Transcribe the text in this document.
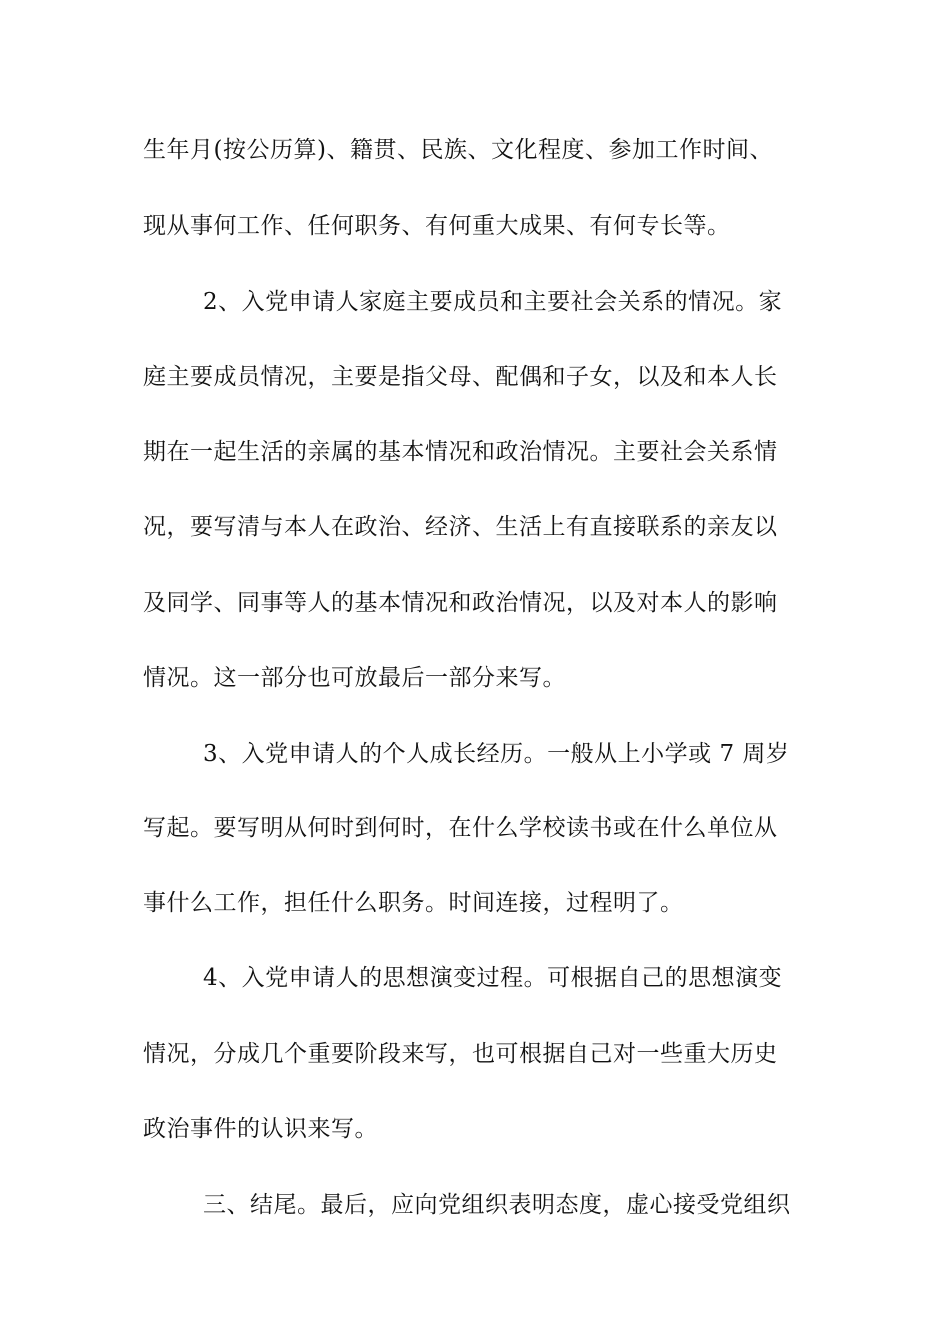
生年月(按公历算)、籍贯、民族、文化程度、参加工作时间、
现从事何工作、任何职务、有何重大成果、有何专长等。
2、入党申请人家庭主要成员和主要社会关系的情况。家
庭主要成员情况，主要是指父母、配偶和子女，以及和本人长
期在一起生活的亲属的基本情况和政治情况。主要社会关系情
况，要写清与本人在政治、经济、生活上有直接联系的亲友以
及同学、同事等人的基本情况和政治情况，以及对本人的影响
情况。这一部分也可放最后一部分来写。
3、入党申请人的个人成长经历。一般从上小学或 7 周岁
写起。要写明从何时到何时，在什么学校读书或在什么单位从
事什么工作，担任什么职务。时间连接，过程明了。
4、入党申请人的思想演变过程。可根据自己的思想演变
情况，分成几个重要阶段来写，也可根据自己对一些重大历史
政治事件的认识来写。
三、结尾。最后，应向党组织表明态度，虚心接受党组织
